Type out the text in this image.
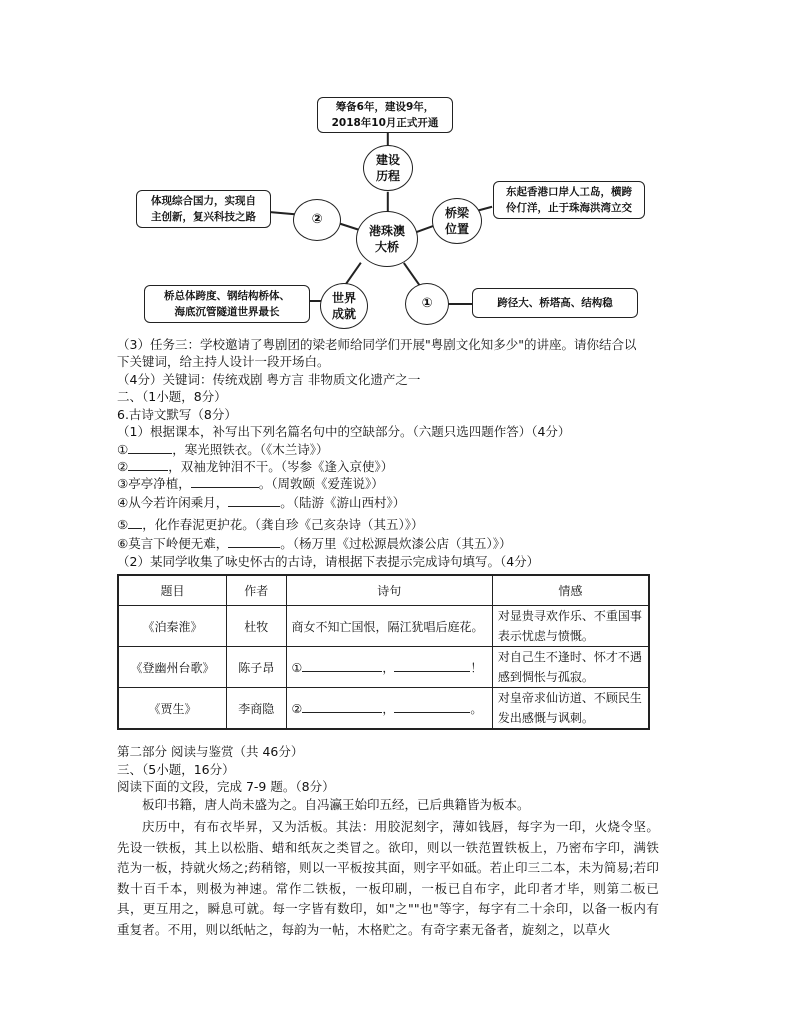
筹备6年，建设9年，
2018年10月正式开通
建设
历程
港珠澳
大桥
桥梁
位置
东起香港口岸人工岛，横跨
伶仃洋，止于珠海洪湾立交
②
体现综合国力，实现自
主创新，复兴科技之路
世界
成就
桥总体跨度、钢结构桥体、
海底沉管隧道世界最长
①	跨径大、桥塔高、结构稳
（3）任务三：学校邀请了粤剧团的梁老师给同学们开展"粤剧文化知多少"的讲座。请你结合以
下关键词，给主持人设计一段开场白。
（4分）关键词：传统戏剧 粤方言 非物质文化遗产之一
二、（1小题，8分）
6.古诗文默写（8分）
（1）根据课本，补写出下列名篇名句中的空缺部分。（六题只选四题作答）（4分）
①	，寒光照铁衣。（《木兰诗》）
②	，双袖龙钟泪不干。（岑参《逢入京使》）
③亭亭净植，	。（周敦颐《爱莲说》）
④从今若许闲乘月，	。（陆游《游山西村》）
⑤ ，化作春泥更护花。（龚自珍《己亥杂诗（其五）》）
⑥莫言下岭便无难，	。（杨万里《过松源晨炊漆公店（其五）》）
（2）某同学收集了咏史怀古的古诗，请根据下表提示完成诗句填写。（4分）
题目	作者	诗句	情感
《泊秦淮》	杜牧	商女不知亡国恨，隔江犹唱后庭花。	对显贵寻欢作乐、不重国事表示忧虑与愤慨。
《登幽州台歌》	陈子昂	① ， ！	对自己生不逢时、怀才不遇感到惆怅与孤寂。
《贾生》	李商隐	② ， 。	对皇帝求仙访道、不顾民生发出感慨与讽刺。
第二部分 阅读与鉴赏（共 46分）
三、（5小题，16分）
阅读下面的文段，完成 7-9 题。（8分）
板印书籍，唐人尚未盛为之。自冯瀛王始印五经，已后典籍皆为板本。
庆历中，有布衣毕昇，又为活板。其法：用胶泥刻字，薄如钱唇，每字为一印，火烧令坚。先设一铁板，其上以松脂、蜡和纸灰之类冒之。欲印，则以一铁范置铁板上，乃密布字印，满铁范为一板，持就火炀之;药稍镕，则以一平板按其面，则字平如砥。若止印三二本，未为简易;若印数十百千本，则极为神速。常作二铁板，一板印刷，一板已自布字，此印者才毕，则第二板已具，更互用之，瞬息可就。每一字皆有数印，如"之""也"等字，每字有二十余印，以备一板内有重复者。不用，则以纸帖之，每韵为一帖，木格贮之。有奇字素无备者，旋刻之，以草火
